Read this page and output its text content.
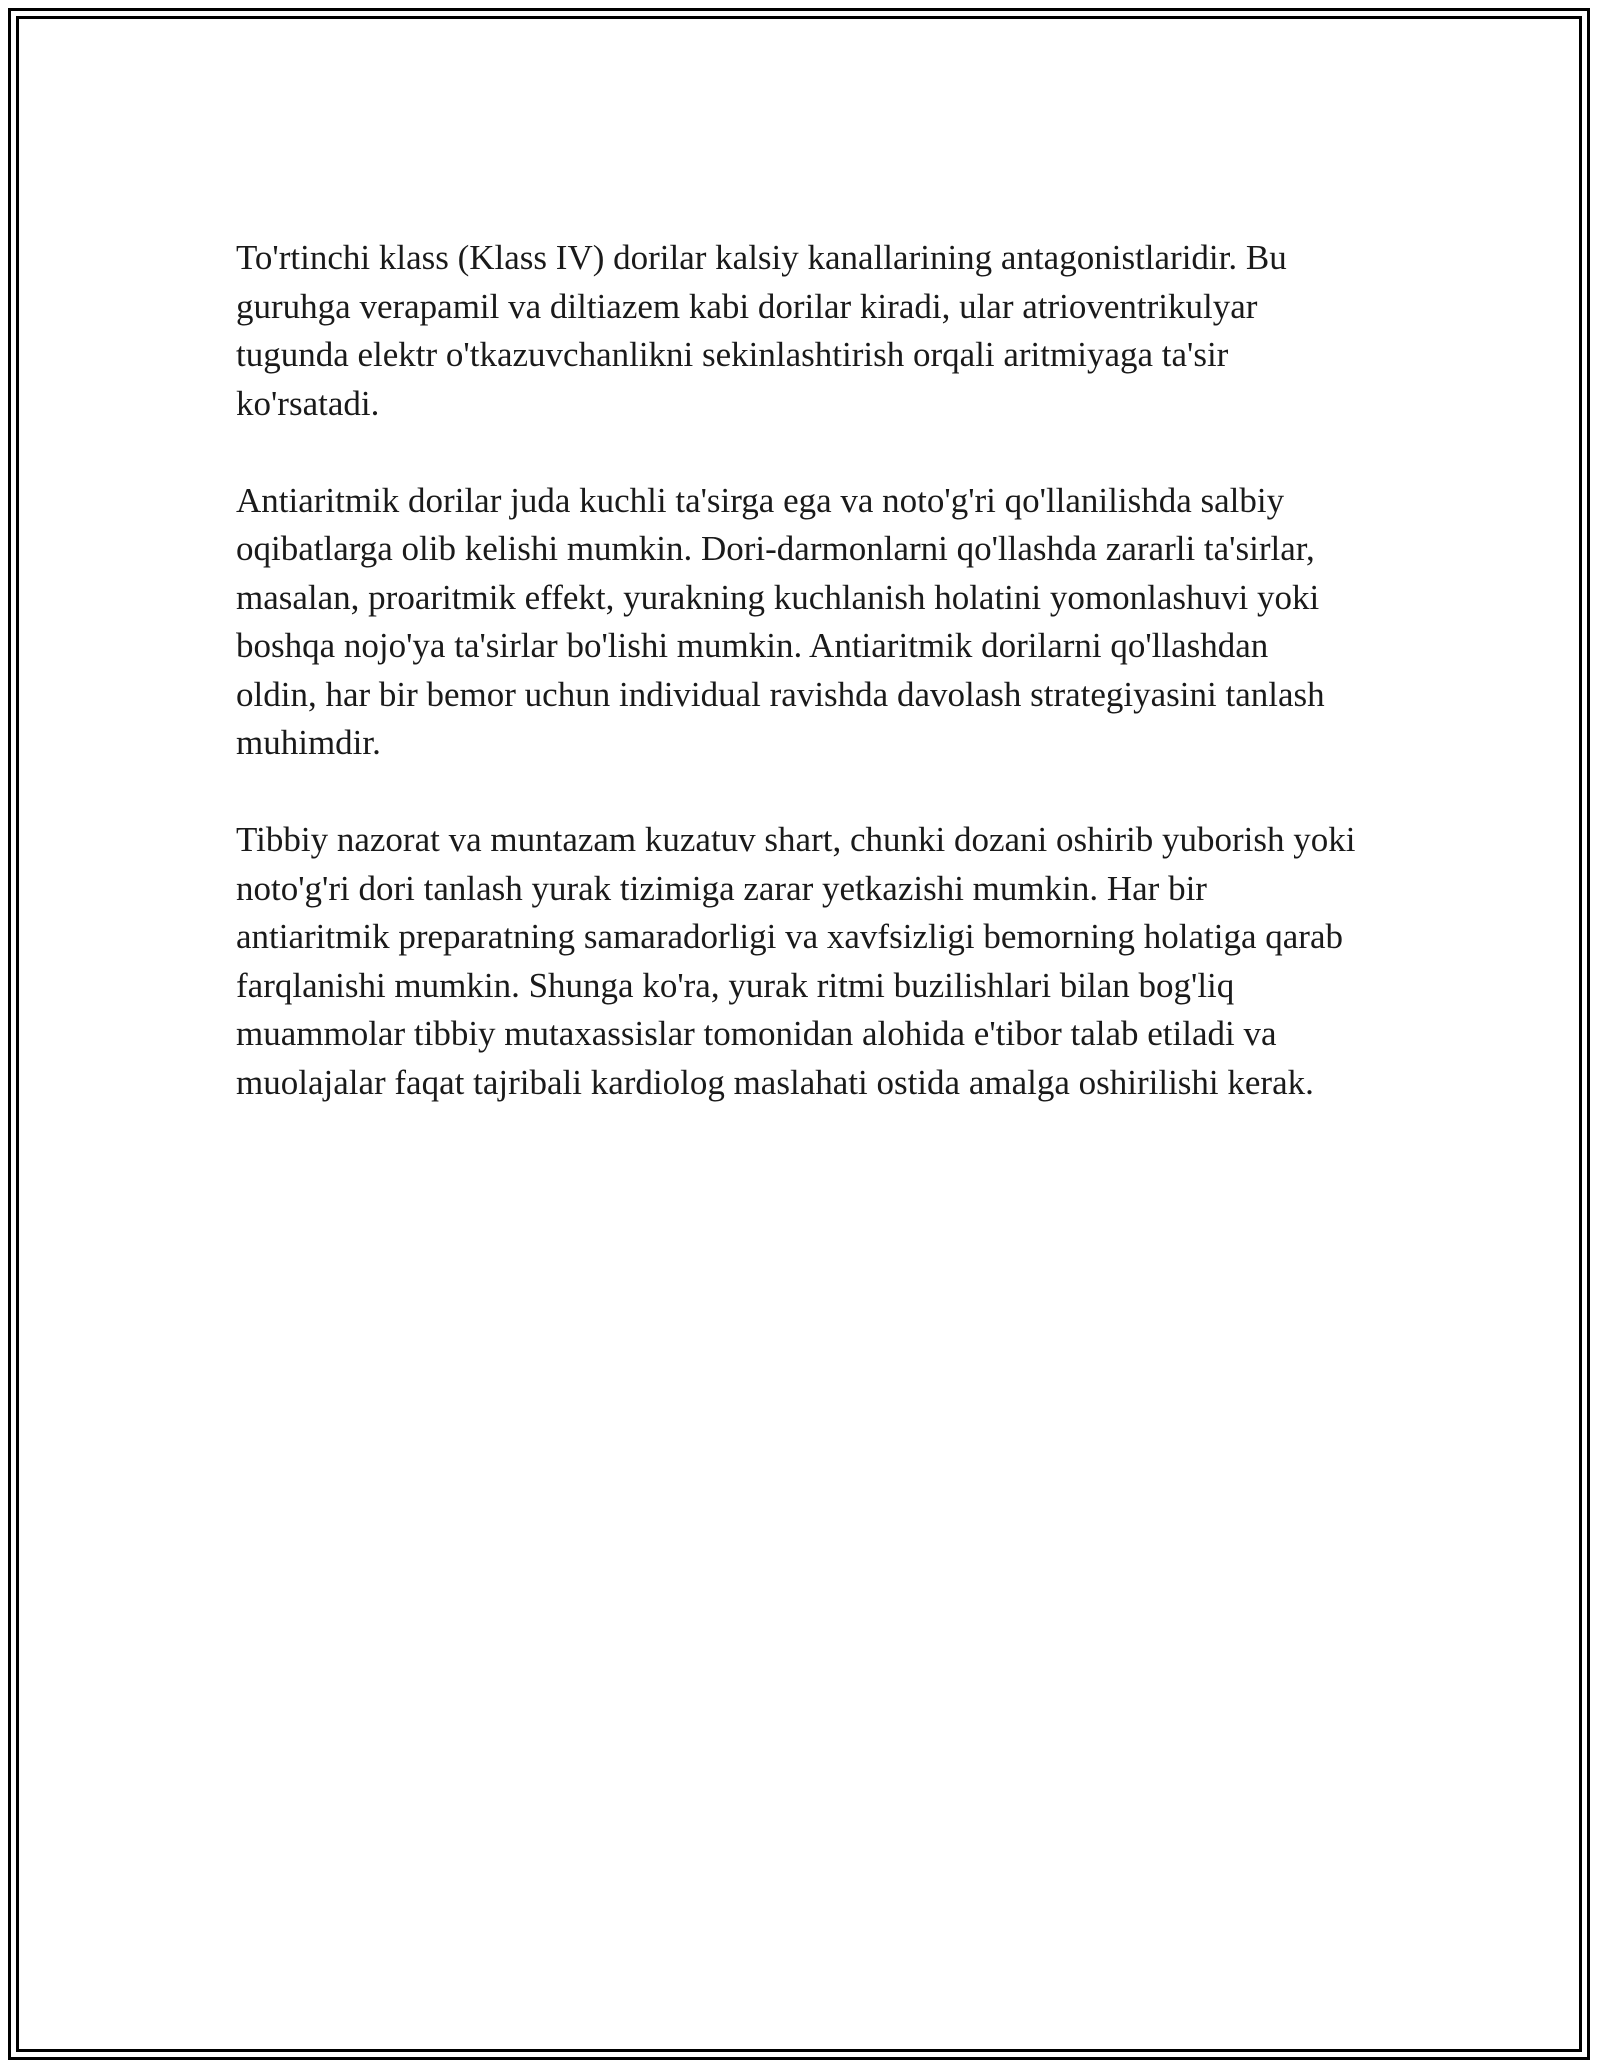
To'rtinchi klass (Klass IV) dorilar kalsiy kanallarining antagonistlaridir. Bu guruhga verapamil va diltiazem kabi dorilar kiradi, ular atrioventrikulyar tugunda elektr o'tkazuvchanlikni sekinlashtirish orqali aritmiyaga ta'sir ko'rsatadi.

Antiaritmik dorilar juda kuchli ta'sirga ega va noto'g'ri qo'llanilishda salbiy oqibatlarga olib kelishi mumkin. Dori-darmonlarni qo'llashda zararli ta'sirlar, masalan, proaritmik effekt, yurakning kuchlanish holatini yomonlashuvi yoki boshqa nojo'ya ta'sirlar bo'lishi mumkin. Antiaritmik dorilarni qo'llashdan oldin, har bir bemor uchun individual ravishda davolash strategiyasini tanlash muhimdir.

Tibbiy nazorat va muntazam kuzatuv shart, chunki dozani oshirib yuborish yoki noto'g'ri dori tanlash yurak tizimiga zarar yetkazishi mumkin. Har bir antiaritmik preparatning samaradorligi va xavfsizligi bemorning holatiga qarab farqlanishi mumkin. Shunga ko'ra, yurak ritmi buzilishlari bilan bog'liq muammolar tibbiy mutaxassislar tomonidan alohida e'tibor talab etiladi va muolajalar faqat tajribali kardiolog maslahati ostida amalga oshirilishi kerak.
